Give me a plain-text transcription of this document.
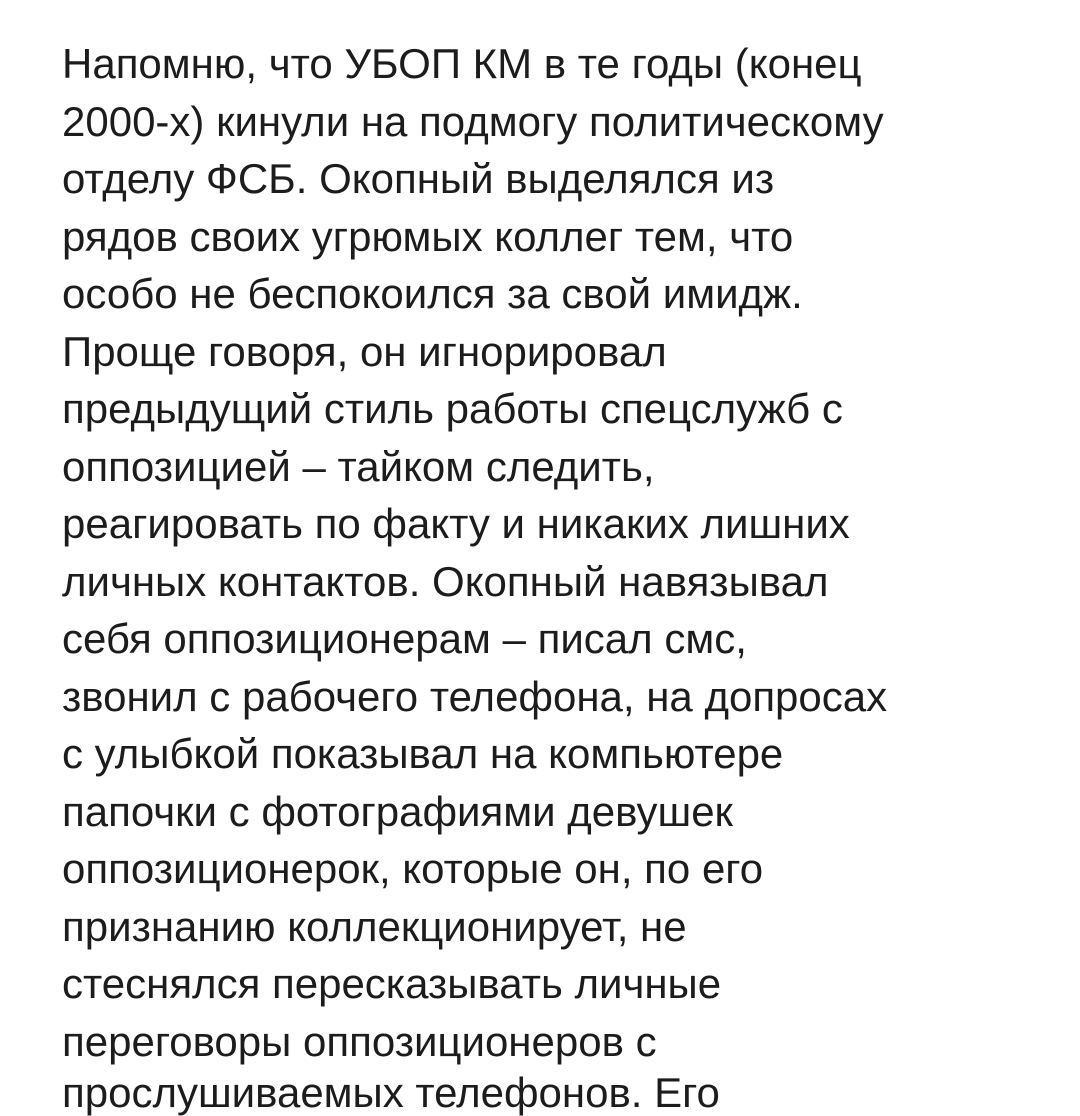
Напомню, что УБОП КМ в те годы (конец
2000-х) кинули на подмогу политическому
отделу ФСБ. Окопный выделялся из
рядов своих угрюмых коллег тем, что
особо не беспокоился за свой имидж.
Проще говоря, он игнорировал
предыдущий стиль работы спецслужб с
оппозицией – тайком следить,
реагировать по факту и никаких лишних
личных контактов. Окопный навязывал
себя оппозиционерам – писал смс,
звонил с рабочего телефона, на допросах
с улыбкой показывал на компьютере
папочки с фотографиями девушек
оппозиционерок, которые он, по его
признанию коллекционирует, не
стеснялся пересказывать личные
переговоры оппозиционеров с
прослушиваемых телефонов. Его
